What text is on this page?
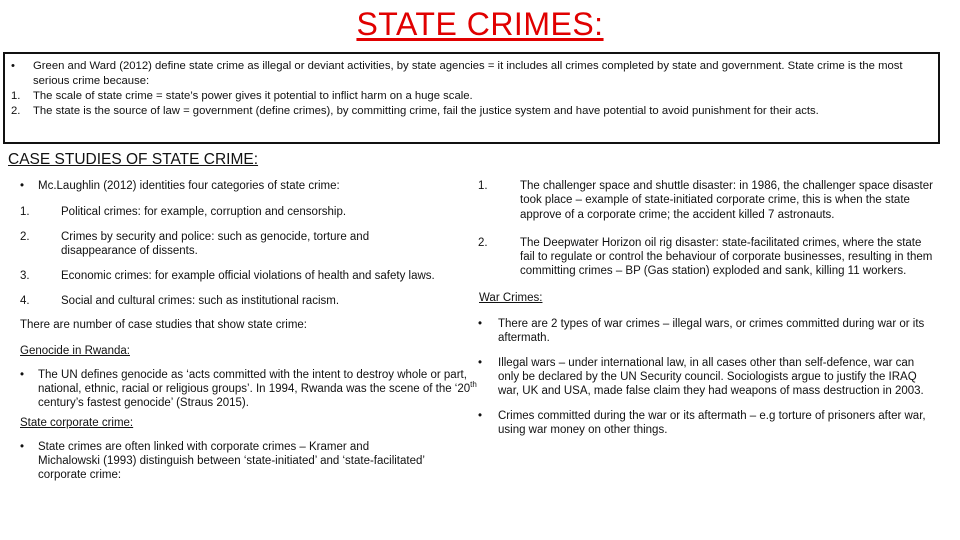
STATE CRIMES:
•	Green and Ward (2012) define state crime as illegal or deviant activities, by state agencies = it includes all crimes completed by state and government. State crime is the most serious crime because:
1.	The scale of state crime = state’s power gives it potential to inflict harm on a huge scale.
2.	The state is the source of law = government (define crimes), by committing crime, fail the justice system and have potential to avoid punishment for their acts.
CASE STUDIES OF STATE CRIME:
•	Mc.Laughlin (2012) identities four categories of state crime:
1.	Political crimes: for example, corruption and censorship.
2.	Crimes by security and police: such as genocide, torture and disappearance of dissents.
3.	Economic crimes: for example official violations of health and safety laws.
4.	Social and cultural crimes: such as institutional racism.
There are number of case studies that show state crime:
Genocide in Rwanda:
•	The UN defines genocide as ‘acts committed with the intent to destroy whole or part, national, ethnic, racial or religious groups’. In 1994, Rwanda was the scene of the ‘20th century’s fastest genocide’ (Straus 2015).
State corporate crime:
•	State crimes are often linked with corporate crimes – Kramer and Michalowski (1993) distinguish between ‘state-initiated’ and ‘state-facilitated’ corporate crime:
1.	The challenger space and shuttle disaster: in 1986, the challenger space disaster took place – example of state-initiated corporate crime, this is when the state approve of a corporate crime; the accident killed 7 astronauts.
2.	The Deepwater Horizon oil rig disaster: state-facilitated crimes, where the state fail to regulate or control the behaviour of corporate businesses, resulting in them committing crimes – BP (Gas station) exploded and sank, killing 11 workers.
War Crimes:
•	There are 2 types of war crimes – illegal wars, or crimes committed during war or its aftermath.
•	Illegal wars – under international law, in all cases other than self-defence, war can only be declared by the UN Security council. Sociologists argue to justify the IRAQ war, UK and USA, made false claim they had weapons of mass destruction in 2003.
•	Crimes committed during the war or its aftermath – e.g torture of prisoners after war, using war money on other things.
